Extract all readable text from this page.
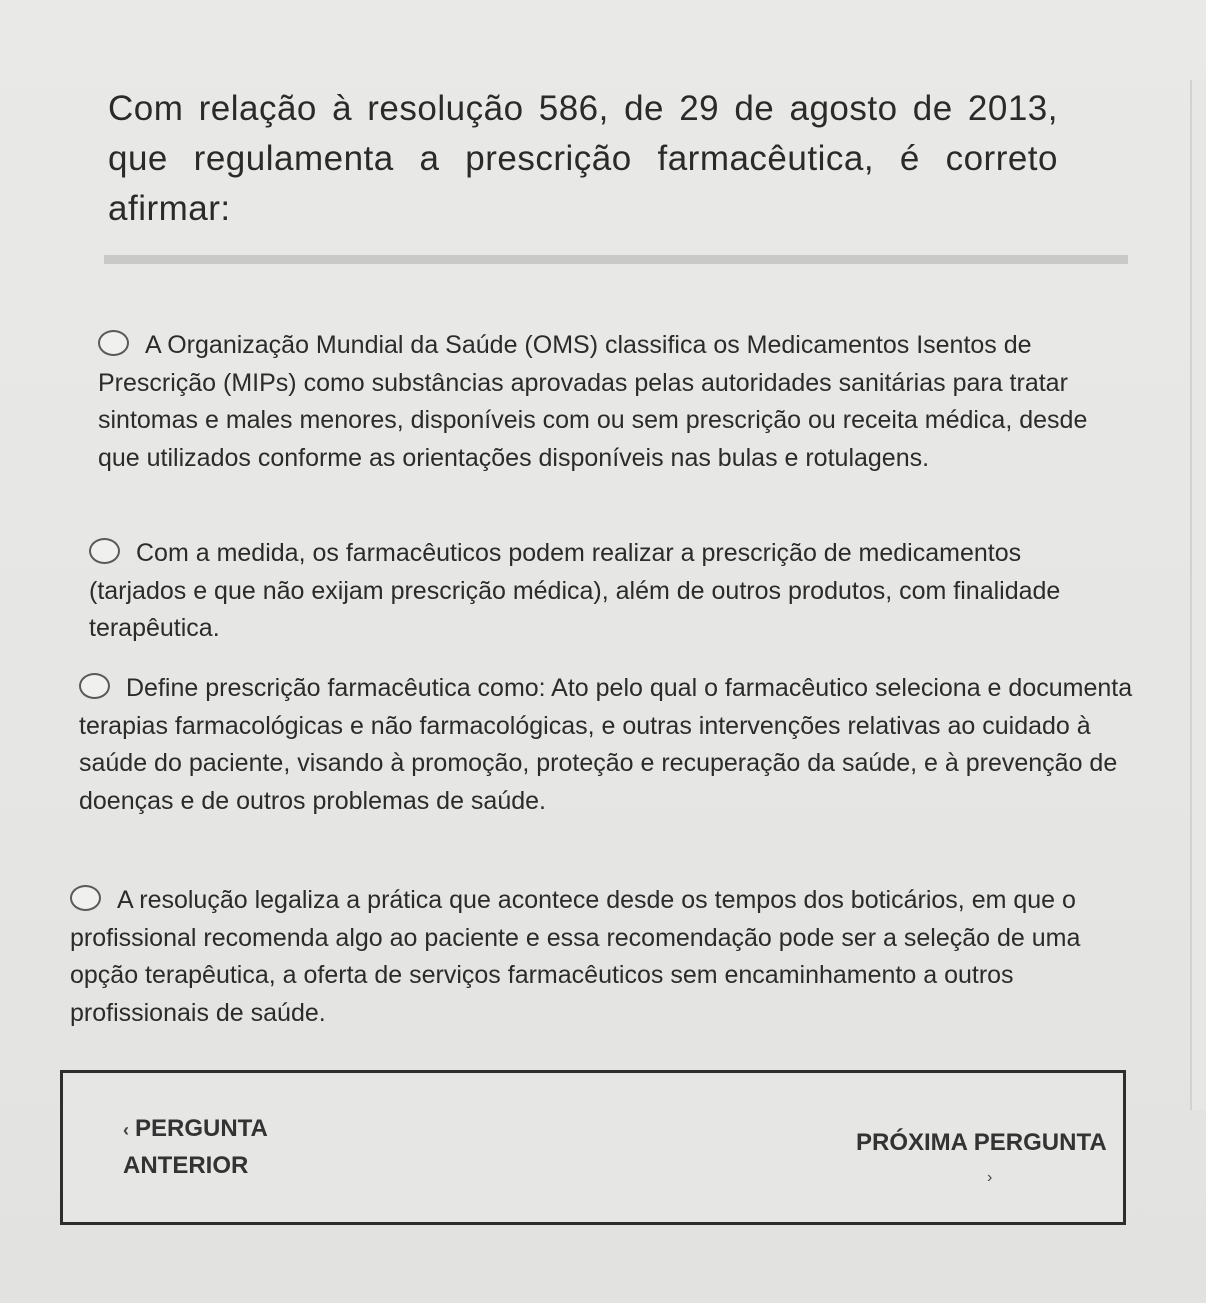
Com relação à resolução 586, de 29 de agosto de 2013, que regulamenta a prescrição farmacêutica, é correto afirmar:
A Organização Mundial da Saúde (OMS) classifica os Medicamentos Isentos de Prescrição (MIPs) como substâncias aprovadas pelas autoridades sanitárias para tratar sintomas e males menores, disponíveis com ou sem prescrição ou receita médica, desde que utilizados conforme as orientações disponíveis nas bulas e rotulagens.
Com a medida, os farmacêuticos podem realizar a prescrição de medicamentos (tarjados e que não exijam prescrição médica), além de outros produtos, com finalidade terapêutica.
Define prescrição farmacêutica como: Ato pelo qual o farmacêutico seleciona e documenta terapias farmacológicas e não farmacológicas, e outras intervenções relativas ao cuidado à saúde do paciente, visando à promoção, proteção e recuperação da saúde, e à prevenção de doenças e de outros problemas de saúde.
A resolução legaliza a prática que acontece desde os tempos dos boticários, em que o profissional recomenda algo ao paciente e essa recomendação pode ser a seleção de uma opção terapêutica, a oferta de serviços farmacêuticos sem encaminhamento a outros profissionais de saúde.
‹ PERGUNTA
ANTERIOR
PRÓXIMA PERGUNTA
›
